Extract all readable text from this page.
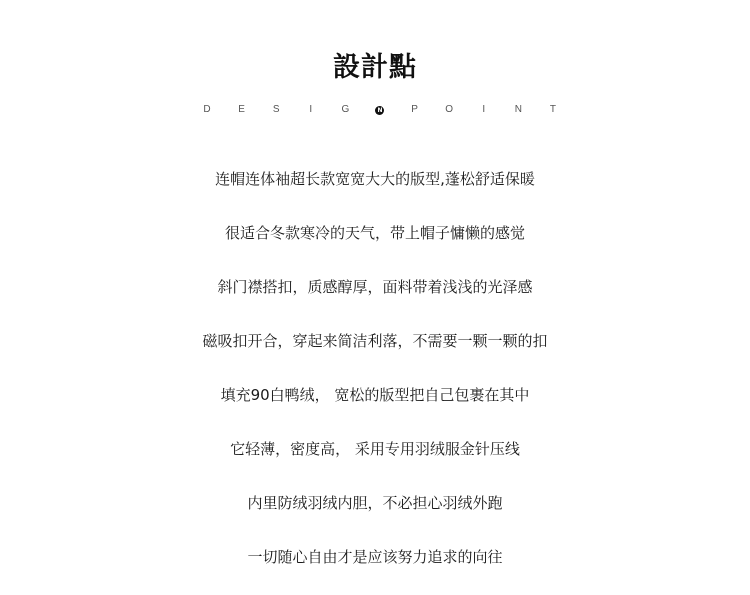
設計點
D	E	S	I	G	N	P	O	I	N	T
连帽连体袖超长款宽宽大大的版型,蓬松舒适保暖
很适合冬款寒冷的天气，带上帽子慵懒的感觉
斜门襟搭扣，质感醇厚，面料带着浅浅的光泽感
磁吸扣开合，穿起来简洁利落，不需要一颗一颗的扣
填充90白鸭绒， 宽松的版型把自己包裹在其中
它轻薄，密度高， 采用专用羽绒服金针压线
内里防绒羽绒内胆，不必担心羽绒外跑
一切随心自由才是应该努力追求的向往
